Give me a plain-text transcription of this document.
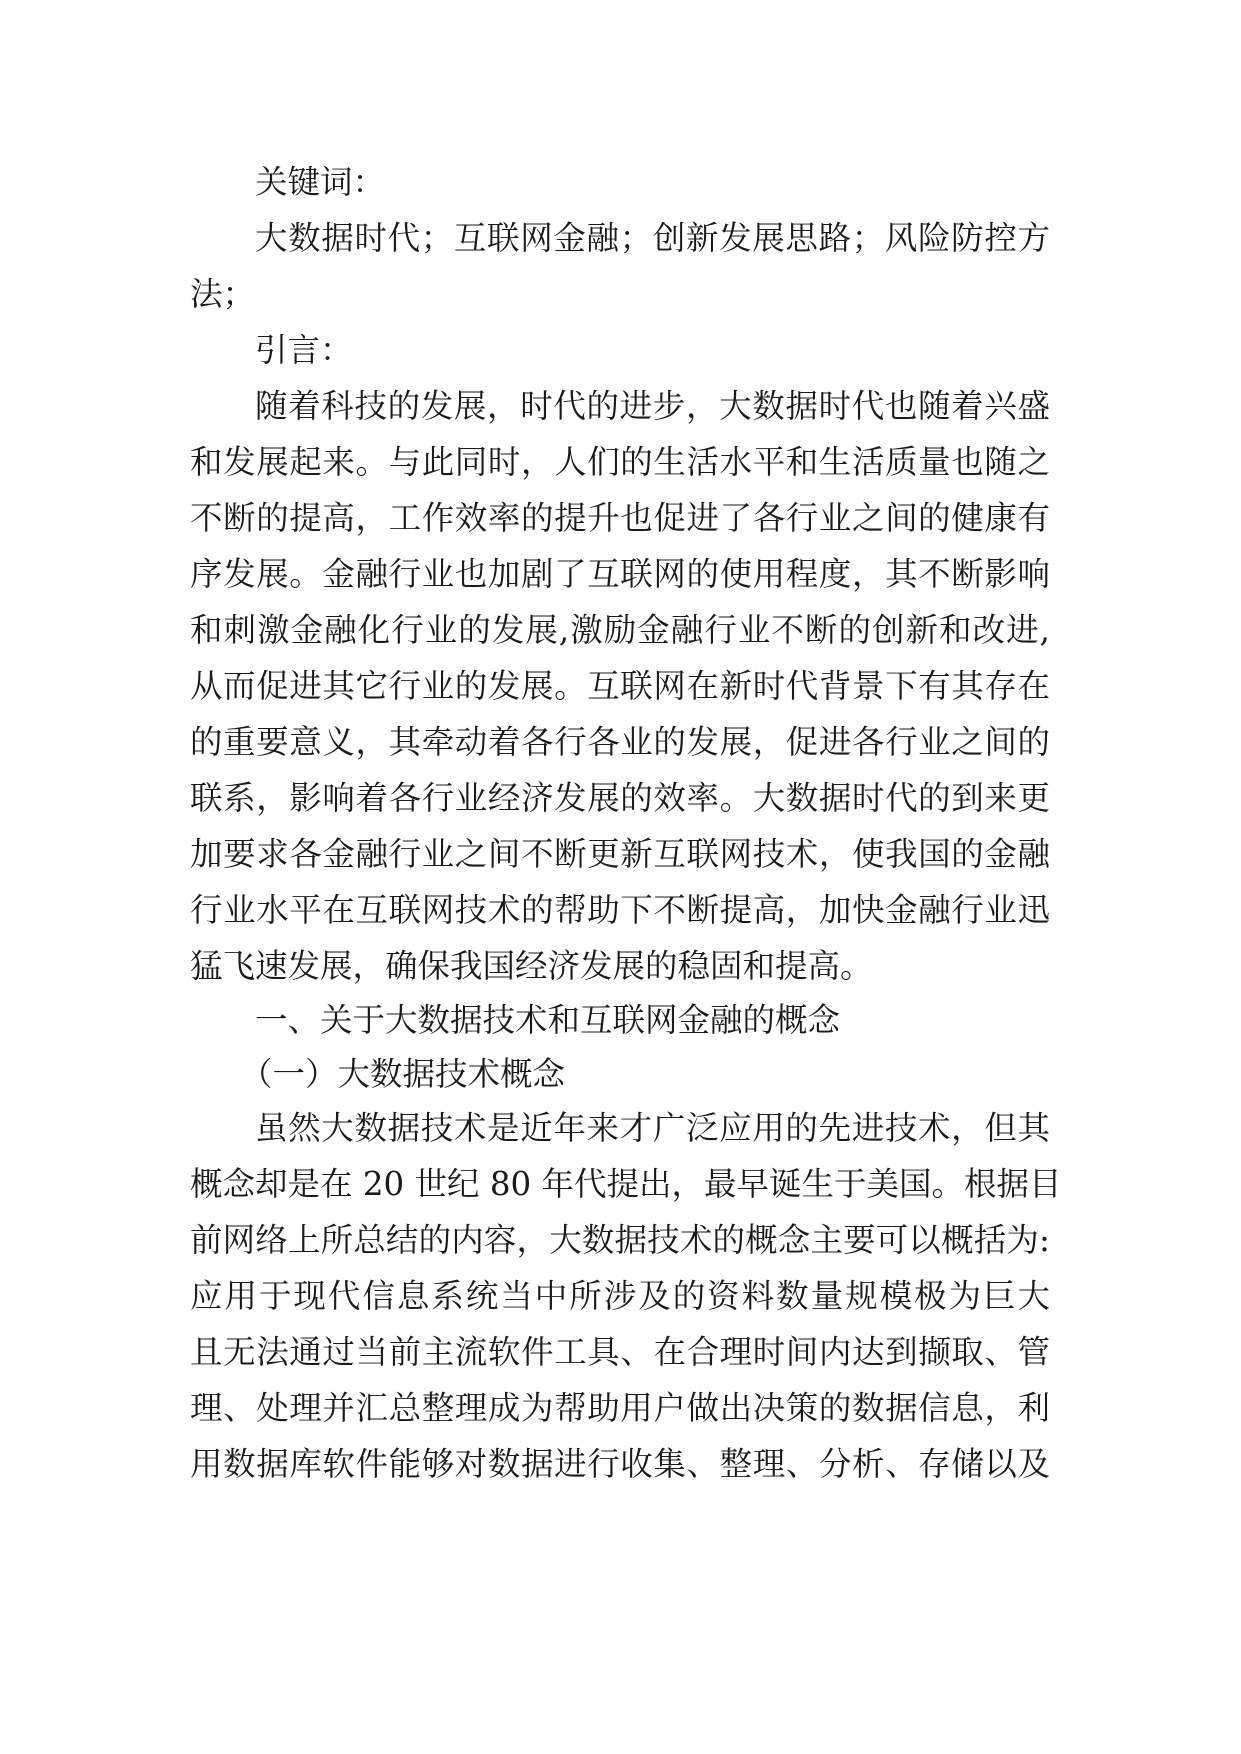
关键词：
大数据时代；互联网金融；创新发展思路；风险防控方
法；
引言：
随着科技的发展，时代的进步，大数据时代也随着兴盛
和发展起来。与此同时，人们的生活水平和生活质量也随之
不断的提高，工作效率的提升也促进了各行业之间的健康有
序发展。金融行业也加剧了互联网的使用程度，其不断影响
和刺激金融化行业的发展,激励金融行业不断的创新和改进,
从而促进其它行业的发展。互联网在新时代背景下有其存在
的重要意义，其牵动着各行各业的发展，促进各行业之间的
联系，影响着各行业经济发展的效率。大数据时代的到来更
加要求各金融行业之间不断更新互联网技术，使我国的金融
行业水平在互联网技术的帮助下不断提高，加快金融行业迅
猛飞速发展，确保我国经济发展的稳固和提高。
一、关于大数据技术和互联网金融的概念
（一）大数据技术概念
虽然大数据技术是近年来才广泛应用的先进技术，但其
概念却是在 20 世纪 80 年代提出，最早诞生于美国。根据目
前网络上所总结的内容，大数据技术的概念主要可以概括为:
应用于现代信息系统当中所涉及的资料数量规模极为巨大
且无法通过当前主流软件工具、在合理时间内达到撷取、管
理、处理并汇总整理成为帮助用户做出决策的数据信息，利
用数据库软件能够对数据进行收集、整理、分析、存储以及
